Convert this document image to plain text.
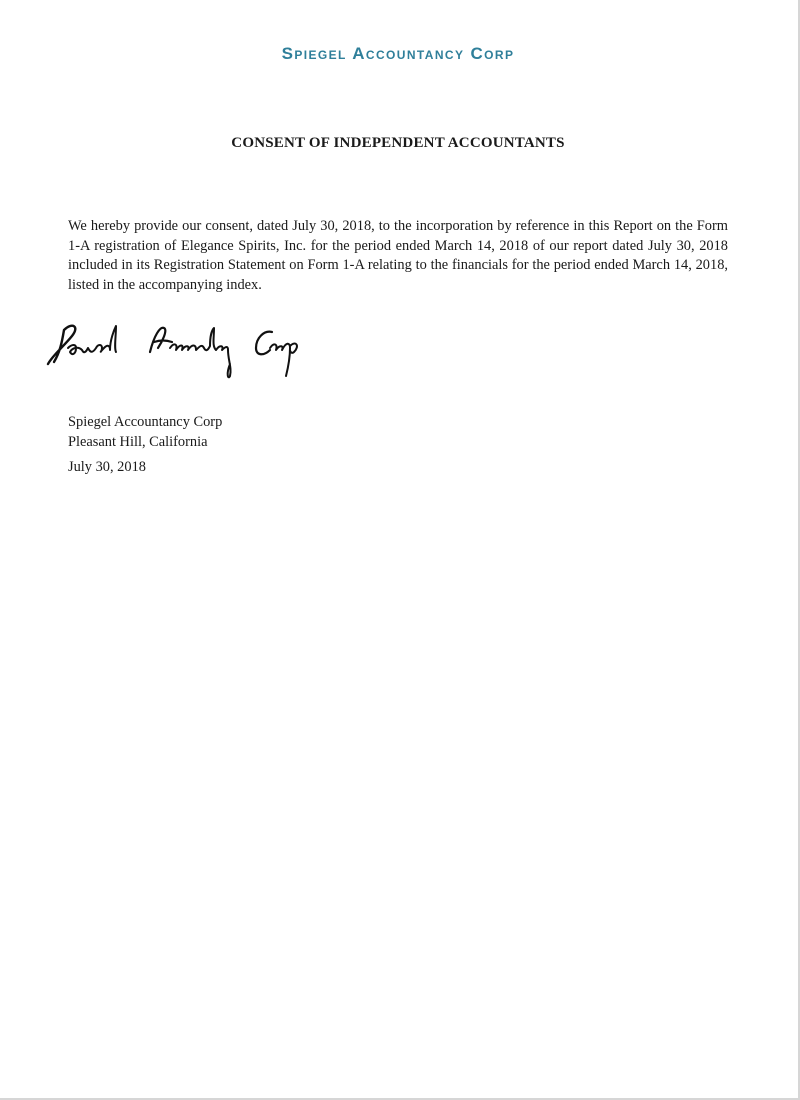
Spiegel Accountancy Corp
CONSENT OF INDEPENDENT ACCOUNTANTS
We hereby provide our consent, dated July 30, 2018, to the incorporation by reference in this Report on the Form 1-A registration of Elegance Spirits, Inc. for the period ended March 14, 2018 of our report dated July 30, 2018 included in its Registration Statement on Form 1-A relating to the financials for the period ended March 14, 2018, listed in the accompanying index.
Spiegel Accountancy Corp
Pleasant Hill, California
July 30, 2018
